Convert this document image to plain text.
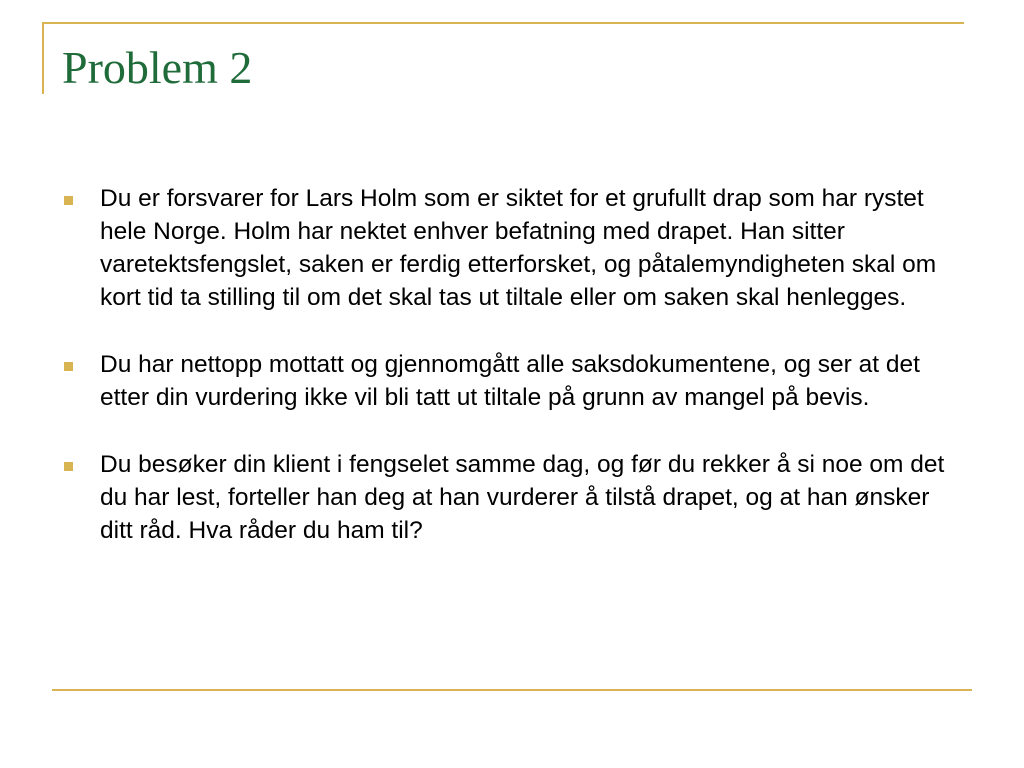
Problem 2
Du er forsvarer for Lars Holm som er siktet for et grufullt drap som har rystet hele Norge. Holm har nektet enhver befatning med drapet. Han sitter varetektsfengslet, saken er ferdig etterforsket, og påtalemyndigheten skal om kort tid ta stilling til om det skal tas ut tiltale eller om saken skal henlegges.
Du har nettopp mottatt og gjennomgått alle saksdokumentene, og ser at det etter din vurdering ikke vil bli tatt ut tiltale på grunn av mangel på bevis.
Du besøker din klient i fengselet samme dag, og før du rekker å si noe om det du har lest, forteller han deg at han vurderer å tilstå drapet, og at han ønsker ditt råd. Hva råder du ham til?
